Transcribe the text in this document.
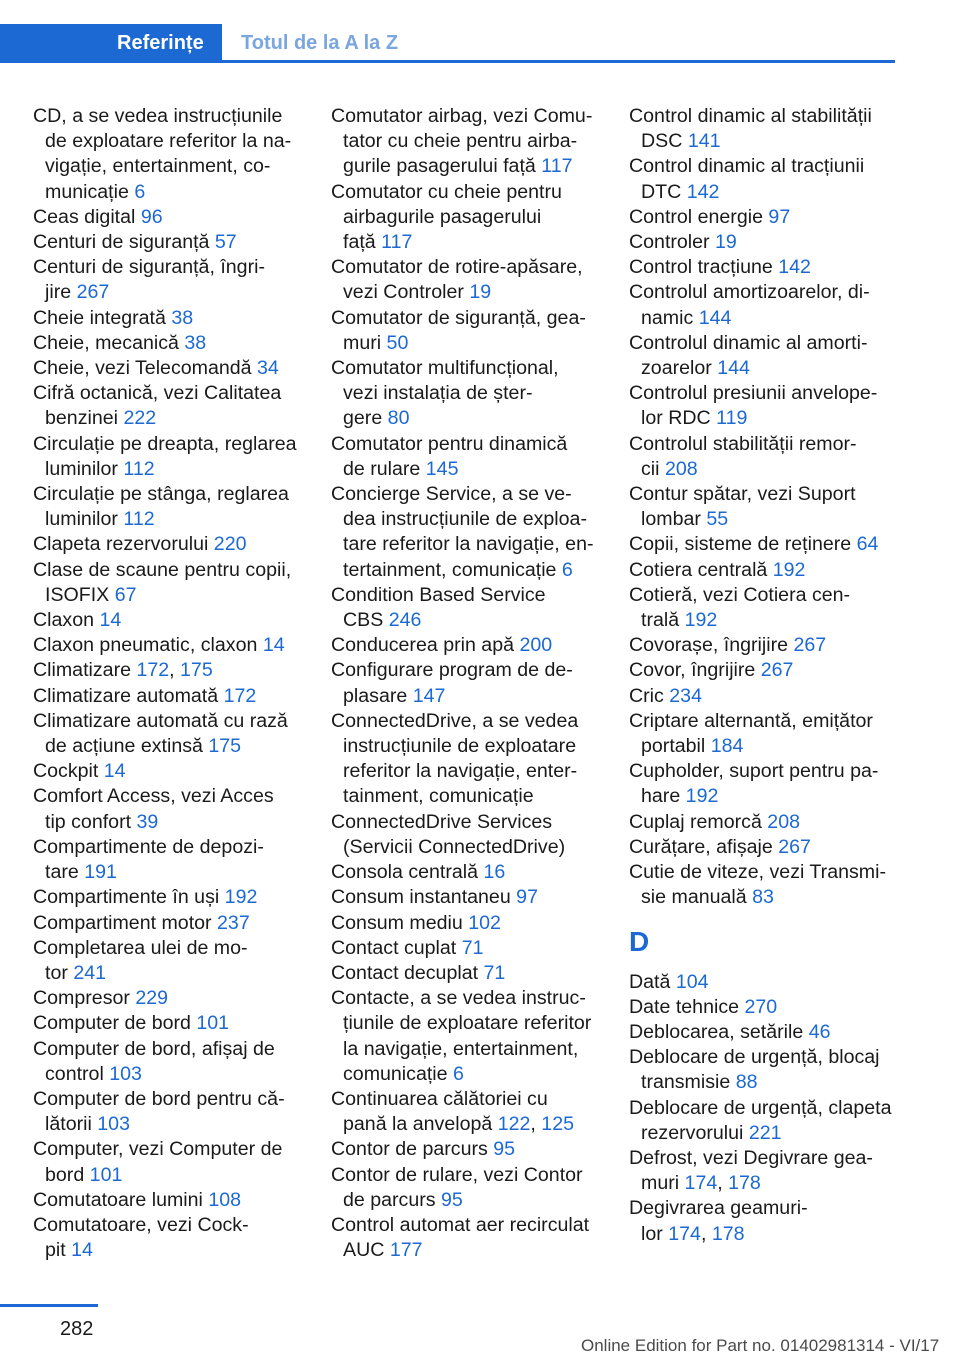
Referințe	Totul de la A la Z
CD, a se vedea instrucțiunile
de exploatare referitor la na-
vigație, entertainment, co-
municație 6
Ceas digital 96
Centuri de siguranță 57
Centuri de siguranță, îngri-
jire 267
Cheie integrată 38
Cheie, mecanică 38
Cheie, vezi Telecomandă 34
Cifră octanică, vezi Calitatea
benzinei 222
Circulație pe dreapta, reglarea
luminilor 112
Circulație pe stânga, reglarea
luminilor 112
Clapeta rezervorului 220
Clase de scaune pentru copii,
ISOFIX 67
Claxon 14
Claxon pneumatic, claxon 14
Climatizare 172, 175
Climatizare automată 172
Climatizare automată cu rază
de acțiune extinsă 175
Cockpit 14
Comfort Access, vezi Acces
tip confort 39
Compartimente de depozi-
tare 191
Compartimente în uși 192
Compartiment motor 237
Completarea ulei de mo-
tor 241
Compresor 229
Computer de bord 101
Computer de bord, afișaj de
control 103
Computer de bord pentru că-
lătorii 103
Computer, vezi Computer de
bord 101
Comutatoare lumini 108
Comutatoare, vezi Cock-
pit 14
Comutator airbag, vezi Comu-
tator cu cheie pentru airba-
gurile pasagerului față 117
Comutator cu cheie pentru
airbagurile pasagerului
față 117
Comutator de rotire-apăsare,
vezi Controler 19
Comutator de siguranță, gea-
muri 50
Comutator multifuncțional,
vezi instalația de șter-
gere 80
Comutator pentru dinamică
de rulare 145
Concierge Service, a se ve-
dea instrucțiunile de exploa-
tare referitor la navigație, en-
tertainment, comunicație 6
Condition Based Service
CBS 246
Conducerea prin apă 200
Configurare program de de-
plasare 147
ConnectedDrive, a se vedea
instrucțiunile de exploatare
referitor la navigație, enter-
tainment, comunicație
ConnectedDrive Services
(Servicii ConnectedDrive)
Consola centrală 16
Consum instantaneu 97
Consum mediu 102
Contact cuplat 71
Contact decuplat 71
Contacte, a se vedea instruc-
țiunile de exploatare referitor
la navigație, entertainment,
comunicație 6
Continuarea călătoriei cu
pană la anvelopă 122, 125
Contor de parcurs 95
Contor de rulare, vezi Contor
de parcurs 95
Control automat aer recirculat
AUC 177
Control dinamic al stabilității
DSC 141
Control dinamic al tracțiunii
DTC 142
Control energie 97
Controler 19
Control tracțiune 142
Controlul amortizoarelor, di-
namic 144
Controlul dinamic al amorti-
zoarelor 144
Controlul presiunii anvelope-
lor RDC 119
Controlul stabilității remor-
cii 208
Contur spătar, vezi Suport
lombar 55
Copii, sisteme de reținere 64
Cotiera centrală 192
Cotieră, vezi Cotiera cen-
trală 192
Covorașe, îngrijire 267
Covor, îngrijire 267
Cric 234
Criptare alternantă, emițător
portabil 184
Cupholder, suport pentru pa-
hare 192
Cuplaj remorcă 208
Curățare, afișaje 267
Cutie de viteze, vezi Transmi-
sie manuală 83
D
Dată 104
Date tehnice 270
Deblocarea, setările 46
Deblocare de urgență, blocaj
transmisie 88
Deblocare de urgență, clapeta
rezervorului 221
Defrost, vezi Degivrare gea-
muri 174, 178
Degivrarea geamuri-
lor 174, 178
282
Online Edition for Part no. 01402981314 - VI/17
